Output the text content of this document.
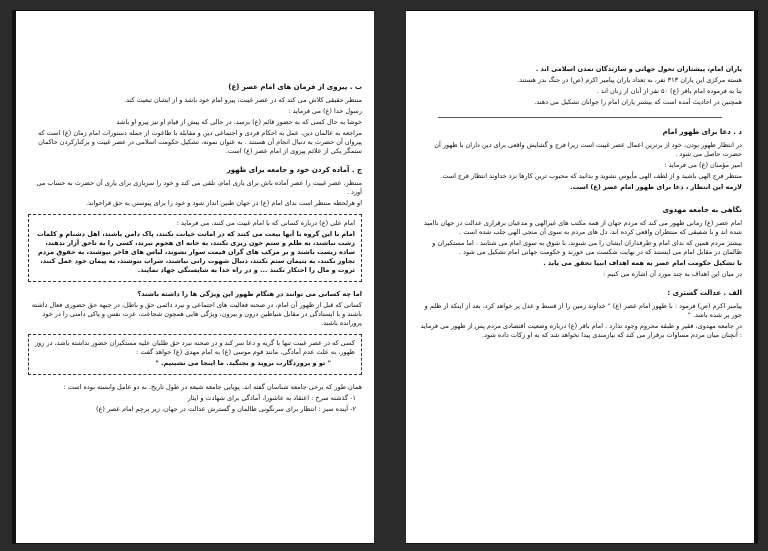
ب . پیروی از فرمان های امام عصر (ع)

منتظر حقیقی کلاش می کند که در عصر غیبت، پیرو امام خود باشد و از ایشان تبعیت کند.

رسول خدا (ع) می فرماید :

خوشا به حال کسی که به حضور قائم (ع) برسد، در حالی که پیش از قیام او نیز پیرو او باشد

مراجعه به عالمان دین، عمل به احکام فردی و اجتماعی دین و مقابله با طاغوت از جمله دستورات امام زمان (ع) است که پیروان آن حضرت به دنبال انجام آن هستند . به عنوان نمونه، تشکیل حکومت اسلامی در عصر غیبت و برکنارکردن حاکمان ستمگر یکی از علائم پیروی از امام عصر (ع) است.

ج . آماده کردن خود و جامعه برای ظهور

منتظر، عصر غیبت را عصر آماده باش برای یاری امام، تلقی می کند و خود را سربازی برای یاری آن حضرت به حساب می آورد .

او هرلحظه منتظر است ندای امام (ع) در جهان طنین انداز شود و خود را برای پیوستن به حق فراخواند.

امام علی (ع) درباره کسانی که با امام غیبت می کنند، می فرماید :

امام با این گروه با آنها بیعت می کنند که در امانت خیانت نکنند، پاک دامن باشند، اهل دشنام و کلمات زشت نباشند، به ظلم و ستم خون ریزی نکنند، به خانه ای هجوم نبرند، کسی را به ناحق آزار ندهند، ساده زیست باشند و بر مرکب های گران قیمت سوار نشوند، لباس های فاخر نپوشند، به حقوق مردم تجاوز نکنند، به یتیمان ستم نکنند، دنبال شهوت رانی نباشند، شراب ننوشند، به پیمان خود عمل کنند، ثروت و مال را احتکار نکنند ... و در راه خدا به شایستگی جهاد نمایند.

اما چه کسانی می توانند در هنگام ظهور این ویژگی ها را داشته باشند؟

کسانی که قبل از ظهور آن امام، در صحنه فعالیت های اجتماعی و نبرد دائمی حق و باطل، در جبهه حق حضوری فعال داشته باشند و با ایستادگی در مقابل شیاطین درون و بیرون، ویژگی هایی همچون شجاعت، عزت نفس و پاکی دامنی را در خود پرورانده باشند.

کسی که در عصر غیبت تنها با گریه و دعا سر کند و در صحنه نبرد حق طلبان علیه مستکبران حضور نداشته باشد، در روز ظهور، به علت عدم آمادگی، مانند قوم موسی (ع) به امام مهدی (ع) خواهد گفت :

" تو و پروردگارت بروید و بجنگید. ما اینجا می نشینیم. "

همان طور که برخی جامعه شناسان گفته اند، پویایی جامعه شیعه در طول تاریخ، به دو عامل وابسته بوده است :

۱- گذشته سرخ : اعتقاد به عاشورا، آمادگی برای شهادت و ایثار

۲- آینده سبز : انتظار برای سرنگونی ظالمان و گسترش عدالت در جهان، زیر پرچم امام عصر (ع)

یاران امام، پیشتازان تحول جهانی و سازندگان تمدن اسلامی اند .

هسته مرکزی این یاران ۳۱۳ نفر، به تعداد یاران پیامبر اکرم (ص) در جنگ بدر هستند.

بنا به فرموده امام باقر (ع) ۵۰ نفر از آنان از زنان اند .

همچنین در احادیث آمده است که بیشتر یاران امام را جوانان تشکیل می دهند.

د . دعا برای ظهور امام

در انتظار ظهور بودن، خود از برترین اعمال عصر غیبت است زیرا فرج و گشایش واقعی برای دین داران با ظهور آن حضرت حاصل می شود .

امیر مؤمنان (ع) می فرماید :

منتظر فرج الهی باشید و از لطف الهی مأیوس نشوید و بدانید که محبوب ترین کارها نزد خداوند انتظار فرج است.

لازمه این انتظار ، دعا برای ظهور امام عصر (ع) است.

نگاهی به جامعه مهدوی

امام عصر (ع) زمانی ظهور می کند که مردم جهان از همه مکتب های غیرالهی و مدعیان برقراری عدالت در جهان ناامید شده اند و با شفیقی که منتظران واقعی کرده اند، دل های مردم به سوی آن منجی الهی جلب شده است .

بیشتر مردم همین که ندای امام و طرفداران ایشان را می شنوند، با شوق به سوی امام می شتابند . اما مستکبران و ظالمان در مقابل امام می ایستند که در نهایت شکست می خورند و حکومت جهانی امام تشکیل می شود .

با تشکیل حکومت امام عصر به همه اهداف انبیا تحقق می یابد .

در میان این اهداف به چند مورد آن اشاره می کنیم :

الف . عدالت گستری :

پیامبر اکرم (ص) فرمود : با ظهور امام عصر (ع) " خداوند زمین را از قسط و عدل پر خواهد کرد، بعد از اینکه از ظلم و جور پر شده باشد. "

در جامعه مهدوی، فقیر و طبقه محروم وجود ندارد . امام باقر (ع) درباره وضعیت اقتصادی مردم پس از ظهور می فرماید : آنچنان میان مردم مساوات برقرار می کند که نیازمندی پیدا نخواهد شد که به او زکات داده شود.
